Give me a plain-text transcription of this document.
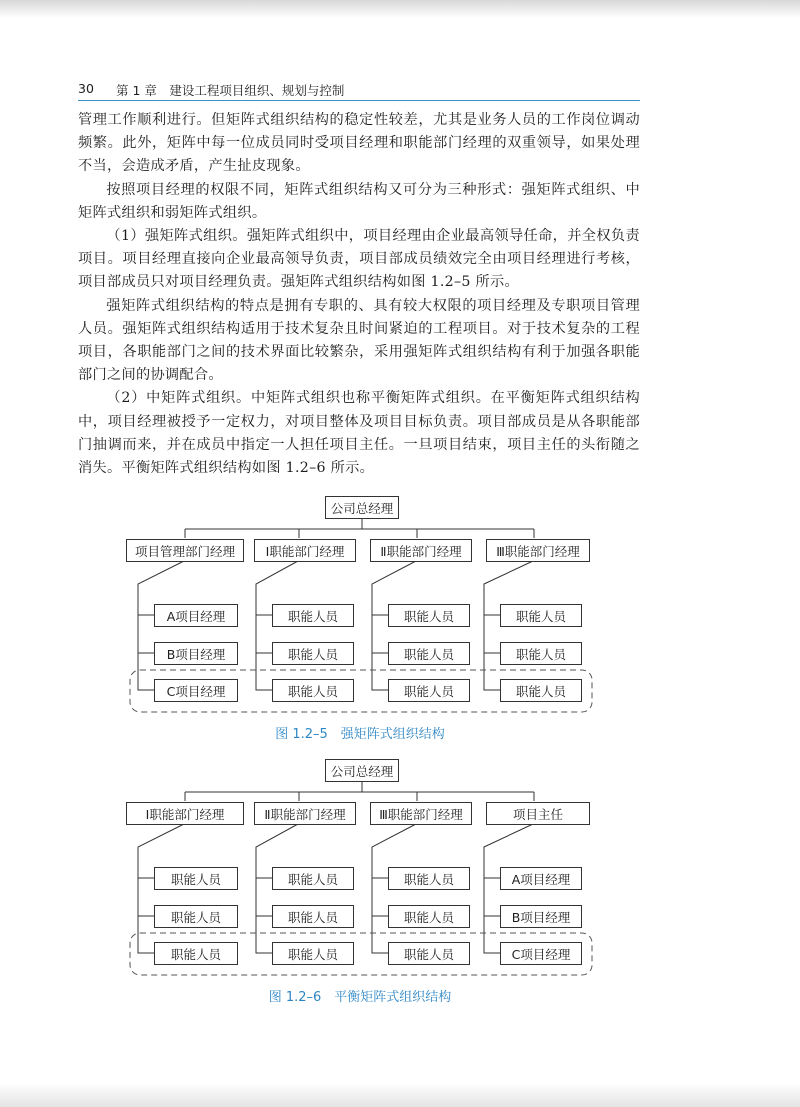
30 第 1 章　建设工程项目组织、规划与控制

管理工作顺利进行。但矩阵式组织结构的稳定性较差，尤其是业务人员的工作岗位调动频繁。此外，矩阵中每一位成员同时受项目经理和职能部门经理的双重领导，如果处理不当，会造成矛盾，产生扯皮现象。

按照项目经理的权限不同，矩阵式组织结构又可分为三种形式：强矩阵式组织、中矩阵式组织和弱矩阵式组织。

（1）强矩阵式组织。强矩阵式组织中，项目经理由企业最高领导任命，并全权负责项目。项目经理直接向企业最高领导负责，项目部成员绩效完全由项目经理进行考核，项目部成员只对项目经理负责。强矩阵式组织结构如图 1.2–5 所示。

强矩阵式组织结构的特点是拥有专职的、具有较大权限的项目经理及专职项目管理人员。强矩阵式组织结构适用于技术复杂且时间紧迫的工程项目。对于技术复杂的工程项目，各职能部门之间的技术界面比较繁杂，采用强矩阵式组织结构有利于加强各职能部门之间的协调配合。

（2）中矩阵式组织。中矩阵式组织也称平衡矩阵式组织。在平衡矩阵式组织结构中，项目经理被授予一定权力，对项目整体及项目目标负责。项目部成员是从各职能部门抽调而来，并在成员中指定一人担任项目主任。一旦项目结束，项目主任的头衔随之消失。平衡矩阵式组织结构如图 1.2–6 所示。

公司总经理
项目管理部门经理	Ⅰ职能部门经理	Ⅱ职能部门经理	Ⅲ职能部门经理
A项目经理
B项目经理
C项目经理
职能人员
职能人员
职能人员
职能人员
职能人员
职能人员
职能人员
职能人员
职能人员
图 1.2–5　强矩阵式组织结构
公司总经理
Ⅰ职能部门经理	Ⅱ职能部门经理	Ⅲ职能部门经理	项目主任
职能人员
职能人员
职能人员
职能人员
职能人员
职能人员
职能人员
职能人员
职能人员
A项目经理
B项目经理
C项目经理
图 1.2–6　平衡矩阵式组织结构
